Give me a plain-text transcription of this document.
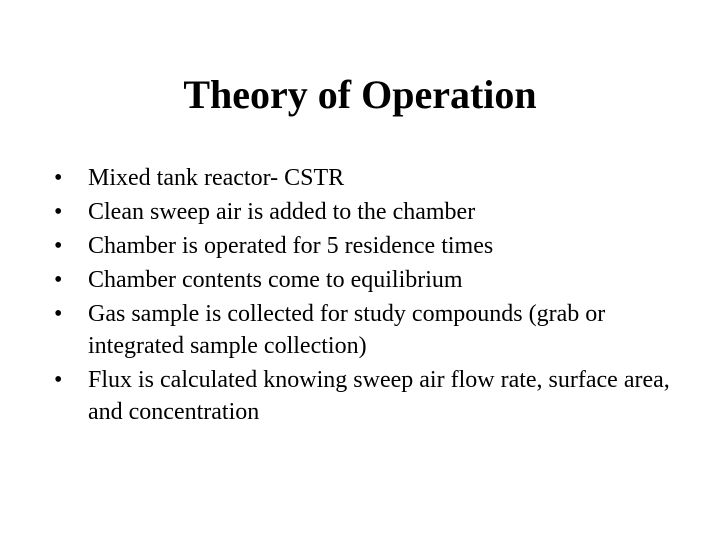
Theory of Operation
•	Mixed tank reactor- CSTR
•	Clean sweep air is added to the chamber
•	Chamber is operated for 5 residence times
•	Chamber contents come to equilibrium
•	Gas sample is collected for study compounds (grab or integrated sample collection)
•	Flux is calculated knowing sweep air flow rate, surface area, and concentration
